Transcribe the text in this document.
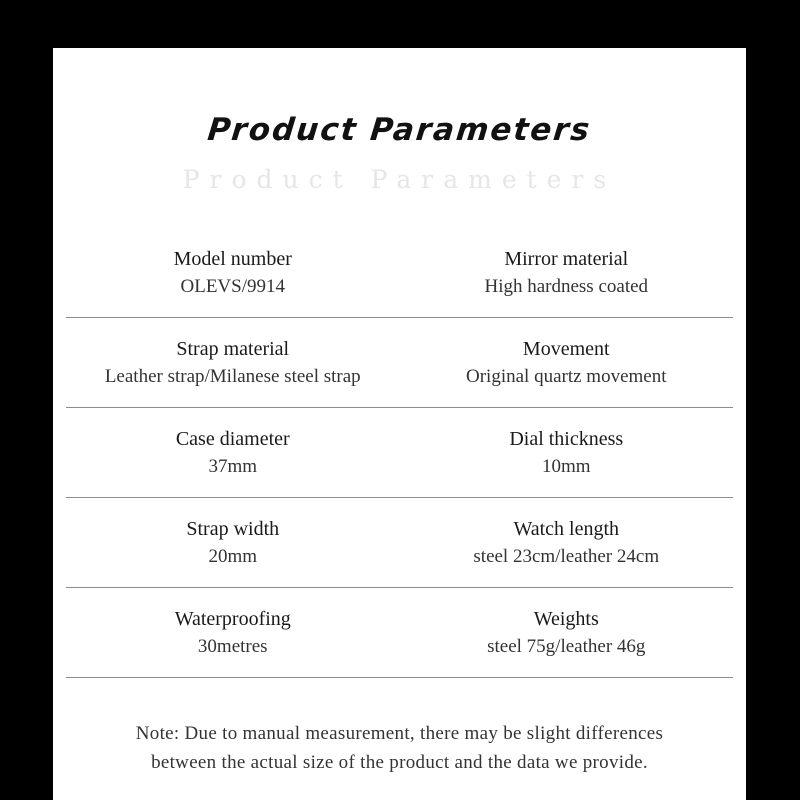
Product Parameters
Product Parameters
Model number
OLEVS/9914
Mirror material
High hardness coated
Strap material
Leather strap/Milanese steel strap
Movement
Original quartz movement
Case diameter
37mm
Dial thickness
10mm
Strap width
20mm
Watch length
steel 23cm/leather 24cm
Waterproofing
30metres
Weights
steel 75g/leather 46g
Note: Due to manual measurement, there may be slight differences
between the actual size of the product and the data we provide.
